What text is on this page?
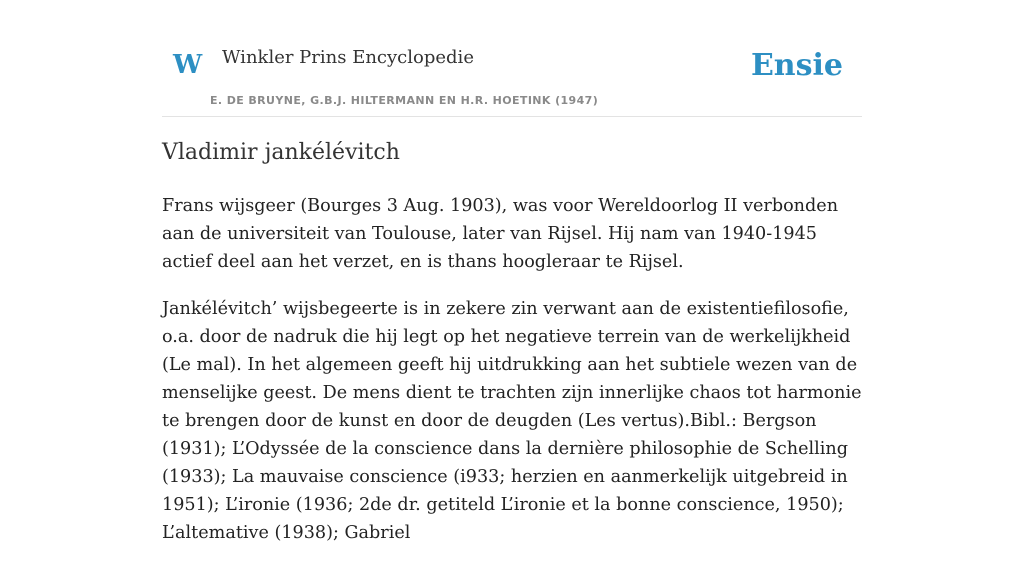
W Winkler Prins Encyclopedie
E. DE BRUYNE, G.B.J. HILTERMANN EN H.R. HOETINK (1947)
Ensie
Vladimir jankélévitch

Frans wijsgeer (Bourges 3 Aug. 1903), was voor Wereldoorlog II verbonden aan de universiteit van Toulouse, later van Rijsel. Hij nam van 1940-1945 actief deel aan het verzet, en is thans hoogleraar te Rijsel.

Jankélévitch’ wijsbegeerte is in zekere zin verwant aan de existentiefilosofie, o.a. door de nadruk die hij legt op het negatieve terrein van de werkelijkheid (Le mal). In het algemeen geeft hij uitdrukking aan het subtiele wezen van de menselijke geest. De mens dient te trachten zijn innerlijke chaos tot harmonie te brengen door de kunst en door de deugden (Les vertus).Bibl.: Bergson (1931); L’Odyssée de la conscience dans la dernière philosophie de Schelling (1933); La mauvaise conscience (i933; herzien en aanmerkelijk uitgebreid in 1951); L’ironie (1936; 2de dr. getiteld L’ironie et la bonne conscience, 1950); L’altemative (1938); Gabriel
